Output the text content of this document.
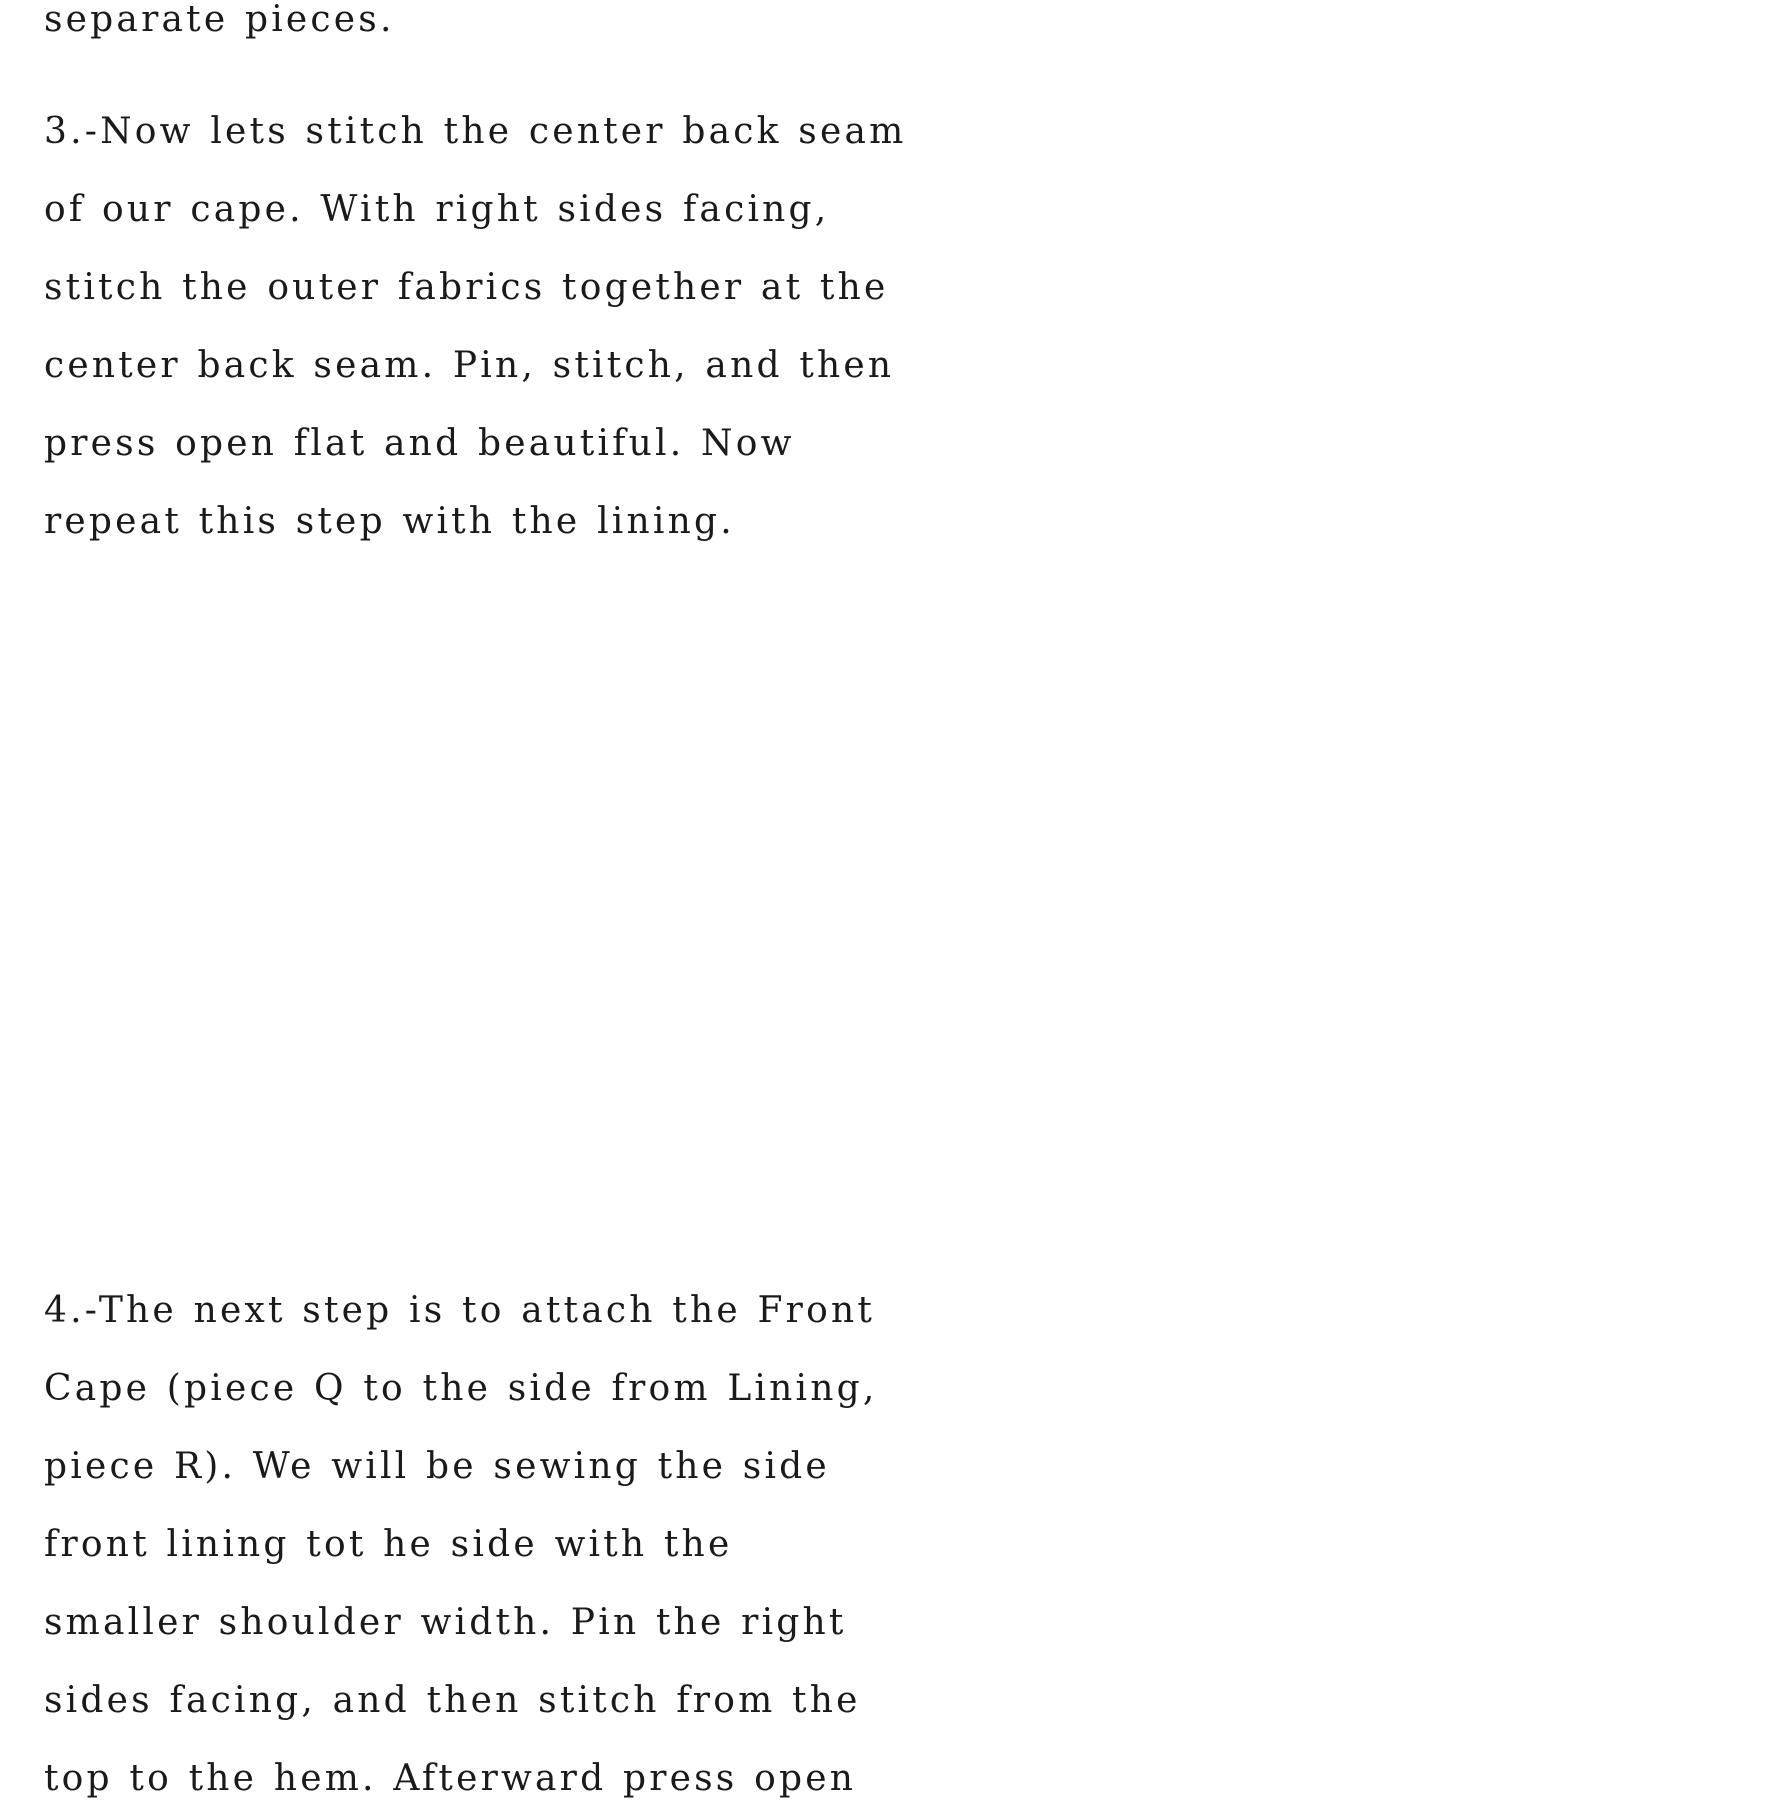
separate pieces.

3.-Now lets stitch the center back seam
of our cape. With right sides facing,
stitch the outer fabrics together at the
center back seam. Pin, stitch, and then
press open flat and beautiful. Now
repeat this step with the lining.

4.-The next step is to attach the Front
Cape (piece Q to the side from Lining,
piece R). We will be sewing the side
front lining tot he side with the
smaller shoulder width. Pin the right
sides facing, and then stitch from the
top to the hem. Afterward press open
